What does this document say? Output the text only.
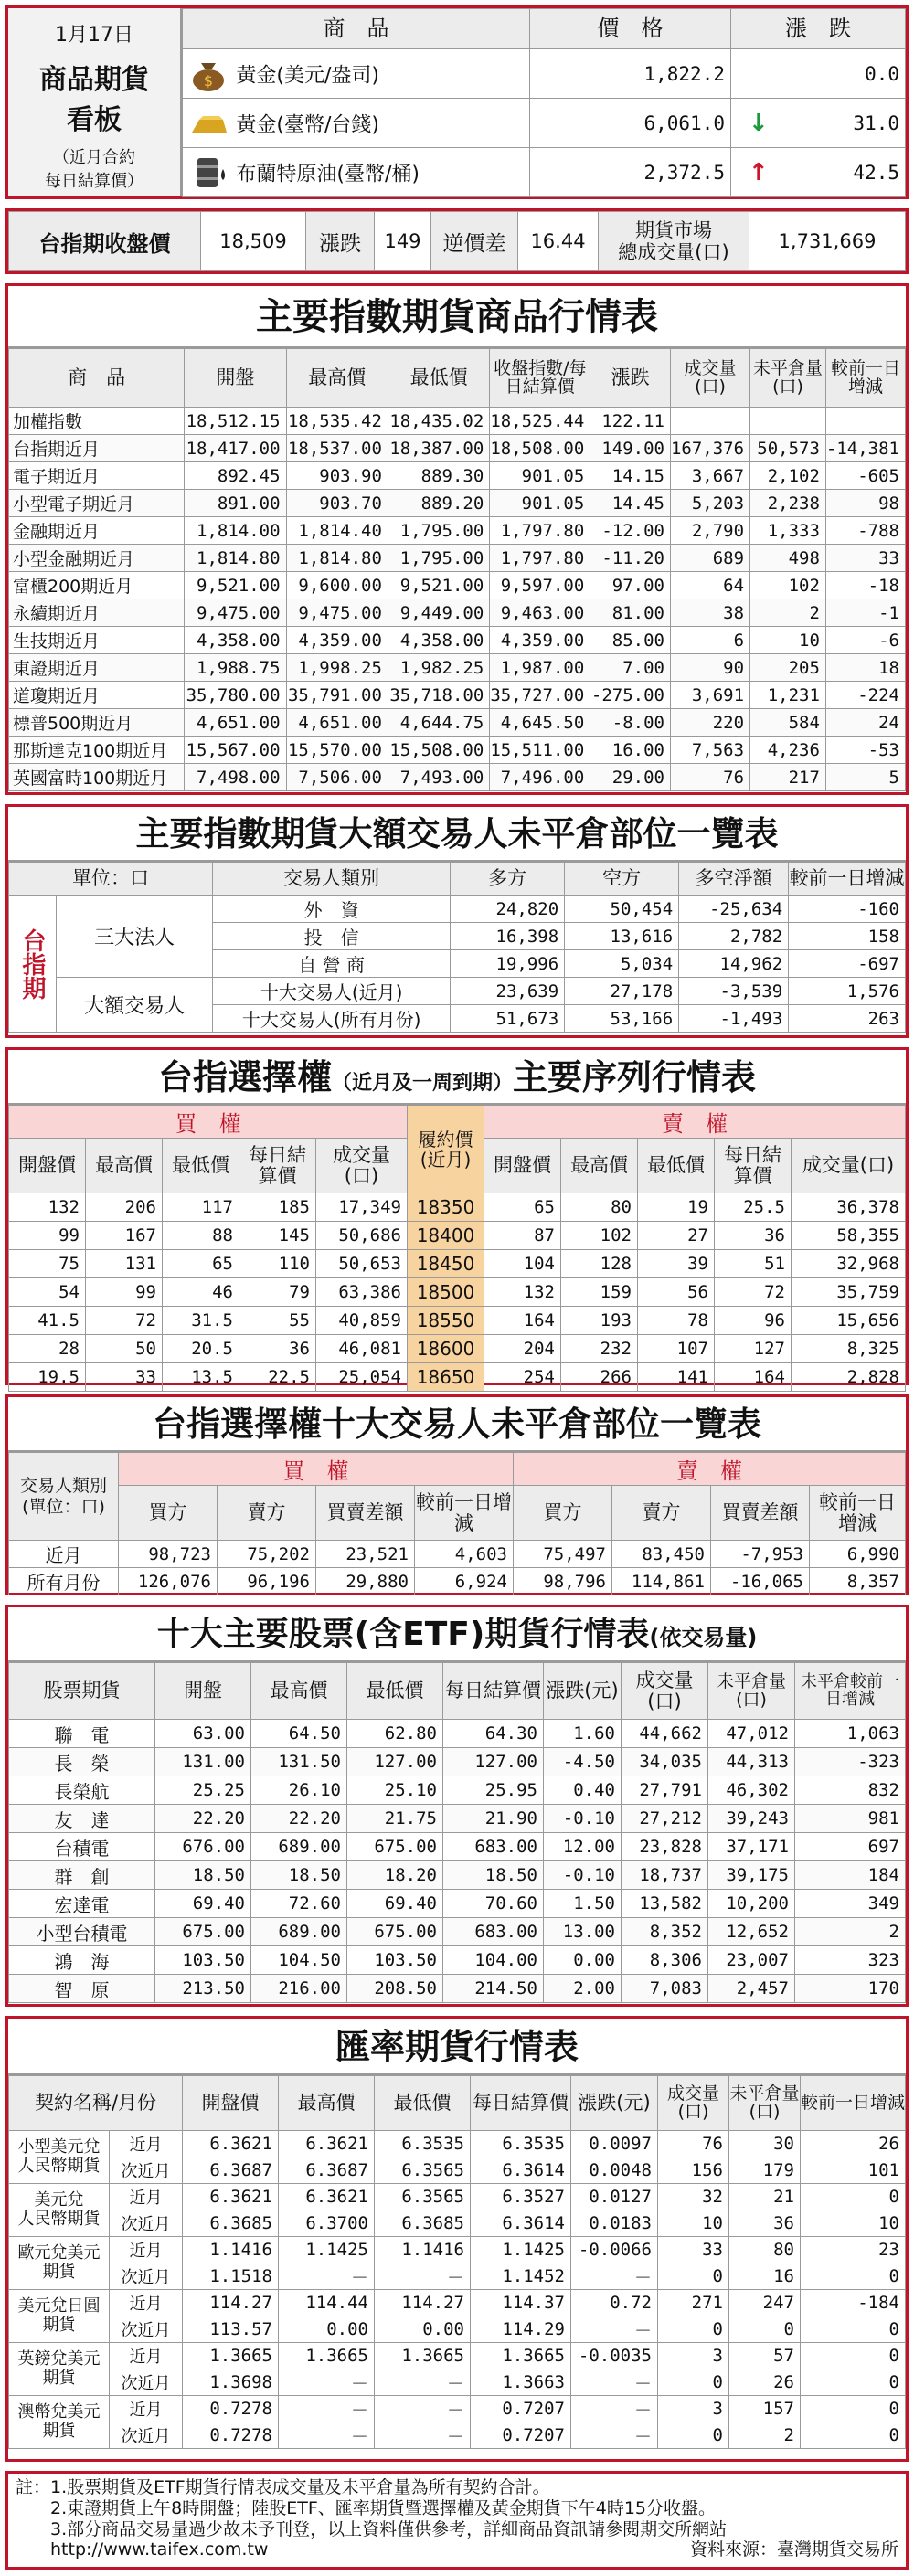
1月17日
商品期貨
看板
（近月合約
每日結算價）
商　品	價　格	漲　跌	

$ 黃金(美元/盎司)	1,822.2		0.0
黃金(臺幣/台錢)	6,061.0	↓	31.0
布蘭特原油(臺幣/桶)	2,372.5	↑	42.5
台指期收盤價	18,509	漲跌	149	逆價差	16.44	
期貨市場
總成交量(口)	1,731,669
主要指數期貨商品行情表
商　品	開盤	最高價	最低價	收盤指數/每日結算價	漲跌	成交量(口)	未平倉量(口)	較前一日增減
加權指數	18,512.15	18,535.42	18,435.02	18,525.44	122.11			
台指期近月	18,417.00	18,537.00	18,387.00	18,508.00	149.00	167,376	50,573	-14,381
電子期近月	892.45	903.90	889.30	901.05	14.15	3,667	2,102	-605
小型電子期近月	891.00	903.70	889.20	901.05	14.45	5,203	2,238	98
金融期近月	1,814.00	1,814.40	1,795.00	1,797.80	-12.00	2,790	1,333	-788
小型金融期近月	1,814.80	1,814.80	1,795.00	1,797.80	-11.20	689	498	33
富櫃200期近月	9,521.00	9,600.00	9,521.00	9,597.00	97.00	64	102	-18
永續期近月	9,475.00	9,475.00	9,449.00	9,463.00	81.00	38	2	-1
生技期近月	4,358.00	4,359.00	4,358.00	4,359.00	85.00	6	10	-6
東證期近月	1,988.75	1,998.25	1,982.25	1,987.00	7.00	90	205	18
道瓊期近月	35,780.00	35,791.00	35,718.00	35,727.00	-275.00	3,691	1,231	-224
標普500期近月	4,651.00	4,651.00	4,644.75	4,645.50	-8.00	220	584	24
那斯達克100期近月	15,567.00	15,570.00	15,508.00	15,511.00	16.00	7,563	4,236	-53
英國富時100期近月	7,498.00	7,506.00	7,493.00	7,496.00	29.00	76	217	5
主要指數期貨大額交易人未平倉部位一覽表
單位：口		交易人類別	多方	空方	多空淨額	較前一日增減
台指期	三大法人	外　資	24,820	50,454	-25,634	-160
		投　信	16,398	13,616	2,782	158
		自 營 商	19,996	5,034	14,962	-697
	大額交易人	十大交易人(近月)	23,639	27,178	-3,539	1,576
		十大交易人(所有月份)	51,673	53,166	-1,493	263
台指選擇權（近月及一周到期）主要序列行情表
買　權					履約價(近月)	賣　權				
開盤價	最高價	最低價	每日結算價	成交量(口)		開盤價	最高價	最低價	每日結算價	成交量(口)
132	206	117	185	17,349	18350	65	80	19	25.5	36,378
99	167	88	145	50,686	18400	87	102	27	36	58,355
75	131	65	110	50,653	18450	104	128	39	51	32,968
54	99	46	79	63,386	18500	132	159	56	72	35,759
41.5	72	31.5	55	40,859	18550	164	193	78	96	15,656
28	50	20.5	36	46,081	18600	204	232	107	127	8,325
19.5	33	13.5	22.5	25,054	18650	254	266	141	164	2,828
台指選擇權十大交易人未平倉部位一覽表
交易人類別
(單位：口)	買　權				賣　權			
	買方	賣方	買賣差額	較前一日增減	買方	賣方	買賣差額	較前一日增減
近月	98,723	75,202	23,521	4,603	75,497	83,450	-7,953	6,990
所有月份	126,076	96,196	29,880	6,924	98,796	114,861	-16,065	8,357
十大主要股票(含ETF)期貨行情表(依交易量)
股票期貨	開盤	最高價	最低價	每日結算價	漲跌(元)	成交量(口)	未平倉量(口)	未平倉較前一日增減
聯　電	63.00	64.50	62.80	64.30	1.60	44,662	47,012	1,063
長　榮	131.00	131.50	127.00	127.00	-4.50	34,035	44,313	-323
長榮航	25.25	26.10	25.10	25.95	0.40	27,791	46,302	832
友　達	22.20	22.20	21.75	21.90	-0.10	27,212	39,243	981
台積電	676.00	689.00	675.00	683.00	12.00	23,828	37,171	697
群　創	18.50	18.50	18.20	18.50	-0.10	18,737	39,175	184
宏達電	69.40	72.60	69.40	70.60	1.50	13,582	10,200	349
小型台積電	675.00	689.00	675.00	683.00	13.00	8,352	12,652	2
鴻　海	103.50	104.50	103.50	104.00	0.00	8,306	23,007	323
智　原	213.50	216.00	208.50	214.50	2.00	7,083	2,457	170
匯率期貨行情表
契約名稱/月份		開盤價	最高價	最低價	每日結算價	漲跌(元)	成交量(口)	未平倉量(口)	較前一日增減

小型美元兌
人民幣期貨	近月	6.3621	6.3621	6.3535	6.3535	0.0097	76	30	26
	次近月	6.3687	6.3687	6.3565	6.3614	0.0048	156	179	101

美元兌
人民幣期貨	近月	6.3621	6.3621	6.3565	6.3527	0.0127	32	21	0
	次近月	6.3685	6.3700	6.3685	6.3614	0.0183	10	36	10

歐元兌美元
期貨	近月	1.1416	1.1425	1.1416	1.1425	-0.0066	33	80	23
	次近月	1.1518	－	－	1.1452	－	0	16	0

美元兌日圓
期貨	近月	114.27	114.44	114.27	114.37	0.72	271	247	-184
	次近月	113.57	0.00	0.00	114.29	－	0	0	0

英鎊兌美元
期貨	近月	1.3665	1.3665	1.3665	1.3665	-0.0035	3	57	0
	次近月	1.3698	－	－	1.3663	－	0	26	0

澳幣兌美元
期貨	近月	0.7278	－	－	0.7207	－	3	157	0
	次近月	0.7278	－	－	0.7207	－	0	2	0
註：1.股票期貨及ETF期貨行情表成交量及未平倉量為所有契約合計。
2.東證期貨上午8時開盤；陸股ETF、匯率期貨暨選擇權及黃金期貨下午4時15分收盤。
3.部分商品交易量過少故未予刊登，以上資料僅供參考，詳細商品資訊請參閱期交所網站
http://www.taifex.com.tw	資料來源：臺灣期貨交易所
